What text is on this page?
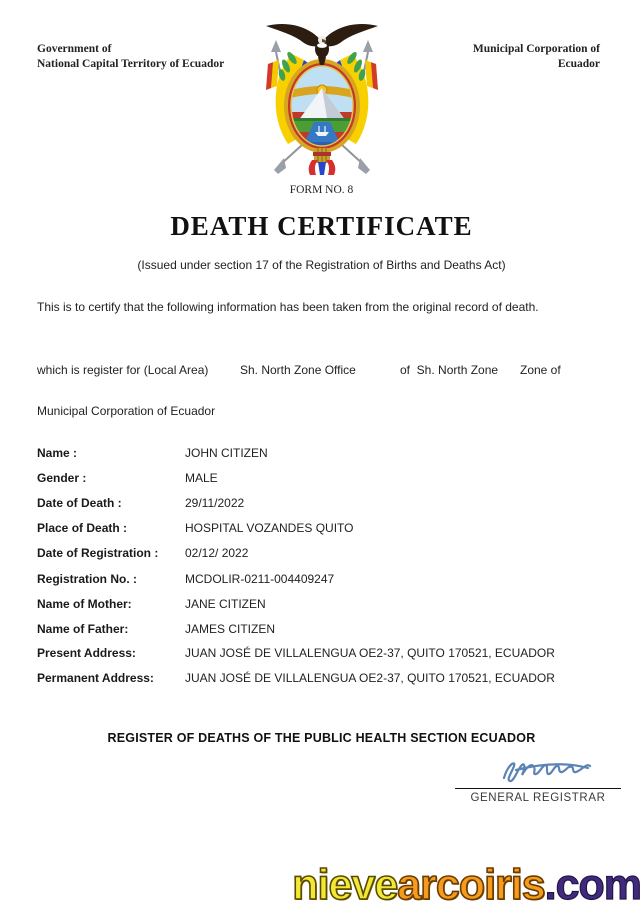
Government of
National Capital Territory of Ecuador
Municipal Corporation of
Ecuador
FORM NO. 8
DEATH CERTIFICATE
(Issued under section 17 of the Registration of Births and Deaths Act)
This is to certify that the following information has been taken from the original record of death.
which is register for (Local Area)	Sh. North Zone Office	of  Sh. North Zone Zone of
Municipal Corporation of Ecuador
Name :	JOHN CITIZEN
Gender :	MALE
Date of Death :	29/11/2022
Place of Death :	HOSPITAL VOZANDES QUITO
Date of Registration : 02/12/ 2022
Registration No. :	MCDOLIR-0211-004409247
Name of Mother:	JANE CITIZEN
Name of Father:	JAMES CITIZEN
Present Address:	JUAN JOSÉ DE VILLALENGUA OE2-37, QUITO 170521, ECUADOR
Permanent Address:	JUAN JOSÉ DE VILLALENGUA OE2-37, QUITO 170521, ECUADOR
REGISTER OF DEATHS OF THE PUBLIC HEALTH SECTION ECUADOR
GENERAL REGISTRAR
nievearcoiris.com
